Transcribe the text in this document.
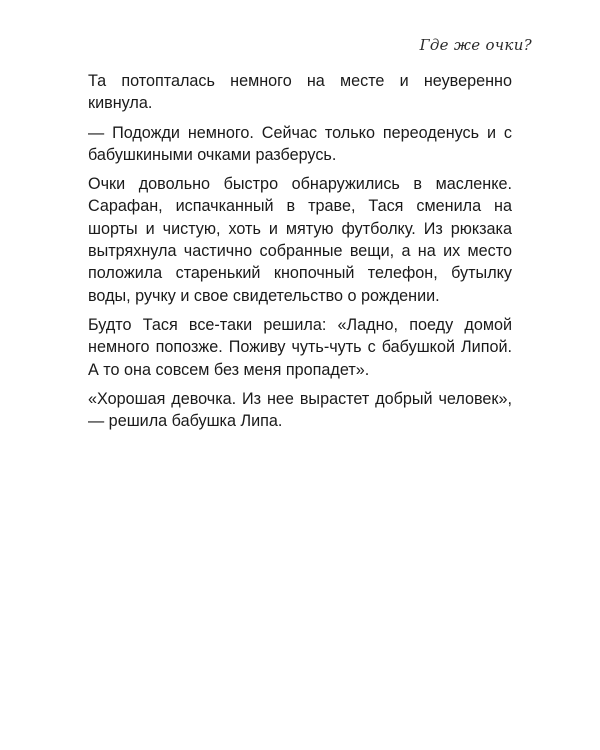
Где же очки?

Та потопталась немного на месте и неуверенно кивнула.

— Подожди немного. Сейчас только переоденусь и с бабушкиными очками разберусь.

Очки довольно быстро обнаружились в масленке. Сарафан, испачканный в траве, Тася сменила на шорты и чистую, хоть и мятую футболку. Из рюкзака вытряхнула частично собранные вещи, а на их место положила старенький кнопочный телефон, бутылку воды, ручку и свое свидетельство о рождении.

Будто Тася все-таки решила: «Ладно, поеду домой немного попозже. Поживу чуть-чуть с бабушкой Липой. А то она совсем без меня пропадет».

«Хорошая девочка. Из нее вырастет добрый человек», — решила бабушка Липа.
